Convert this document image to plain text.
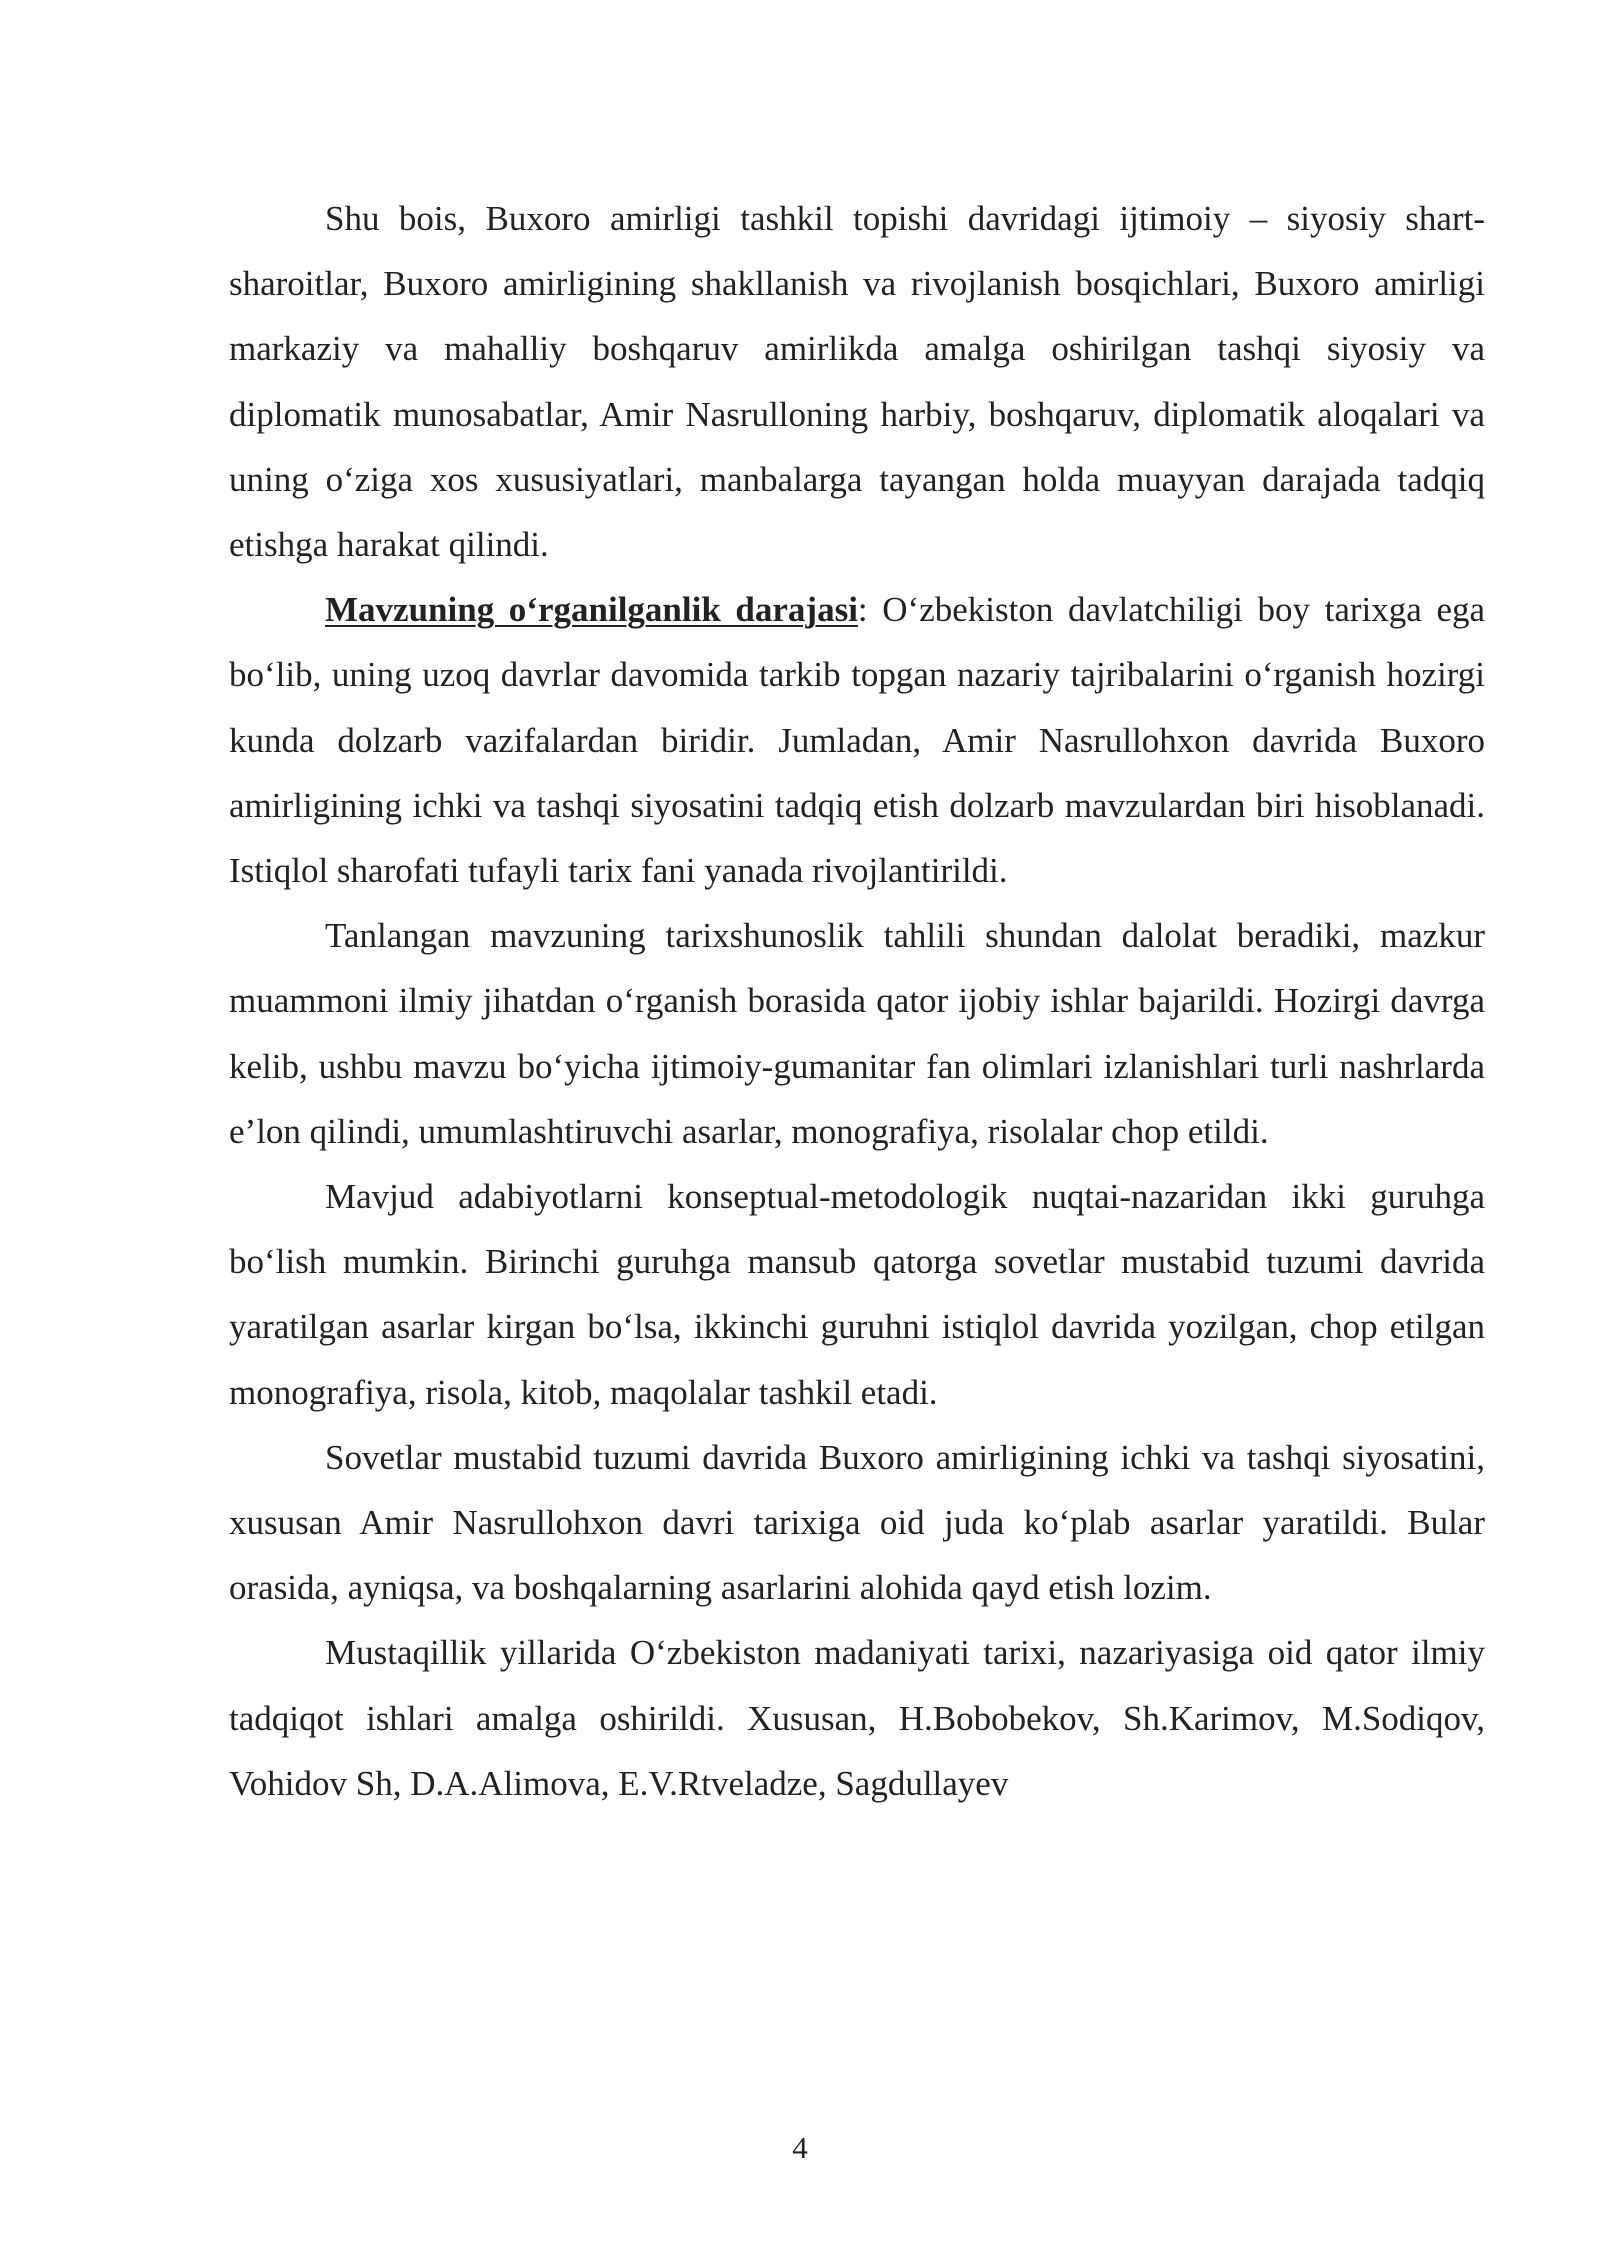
Shu bois, Buxoro amirligi tashkil topishi davridagi ijtimoiy – siyosiy shart-sharoitlar, Buxoro amirligining shakllanish va rivojlanish bosqichlari, Buxoro amirligi markaziy va mahalliy boshqaruv amirlikda amalga oshirilgan tashqi siyosiy va diplomatik munosabatlar, Amir Nasrulloning harbiy, boshqaruv, diplomatik aloqalari va uning o‘ziga xos xususiyatlari, manbalarga tayangan holda muayyan darajada tadqiq etishga harakat qilindi.

Mavzuning o‘rganilganlik darajasi: O‘zbekiston davlatchiligi boy tarixga ega bo‘lib, uning uzoq davrlar davomida tarkib topgan nazariy tajribalarini o‘rganish hozirgi kunda dolzarb vazifalardan biridir. Jumladan, Amir Nasrullohxon davrida Buxoro amirligining ichki va tashqi siyosatini tadqiq etish dolzarb mavzulardan biri hisoblanadi. Istiqlol sharofati tufayli tarix fani yanada rivojlantirildi.

Tanlangan mavzuning tarixshunoslik tahlili shundan dalolat beradiki, mazkur muammoni ilmiy jihatdan o‘rganish borasida qator ijobiy ishlar bajarildi. Hozirgi davrga kelib, ushbu mavzu bo‘yicha ijtimoiy-gumanitar fan olimlari izlanishlari turli nashrlarda e’lon qilindi, umumlashtiruvchi asarlar, monografiya, risolalar chop etildi.

Mavjud adabiyotlarni konseptual-metodologik nuqtai-nazaridan ikki guruhga bo‘lish mumkin. Birinchi guruhga mansub qatorga sovetlar mustabid tuzumi davrida yaratilgan asarlar kirgan bo‘lsa, ikkinchi guruhni istiqlol davrida yozilgan, chop etilgan monografiya, risola, kitob, maqolalar tashkil etadi.

Sovetlar mustabid tuzumi davrida Buxoro amirligining ichki va tashqi siyosatini, xususan Amir Nasrullohxon davri tarixiga oid juda ko‘plab asarlar yaratildi. Bular orasida, ayniqsa, va boshqalarning asarlarini alohida qayd etish lozim.

Mustaqillik yillarida O‘zbekiston madaniyati tarixi, nazariyasiga oid qator ilmiy tadqiqot ishlari amalga oshirildi. Xususan, H.Bobobekov, Sh.Karimov, M.Sodiqov, Vohidov Sh, D.A.Alimova, E.V.Rtveladze, Sagdullayev

4
